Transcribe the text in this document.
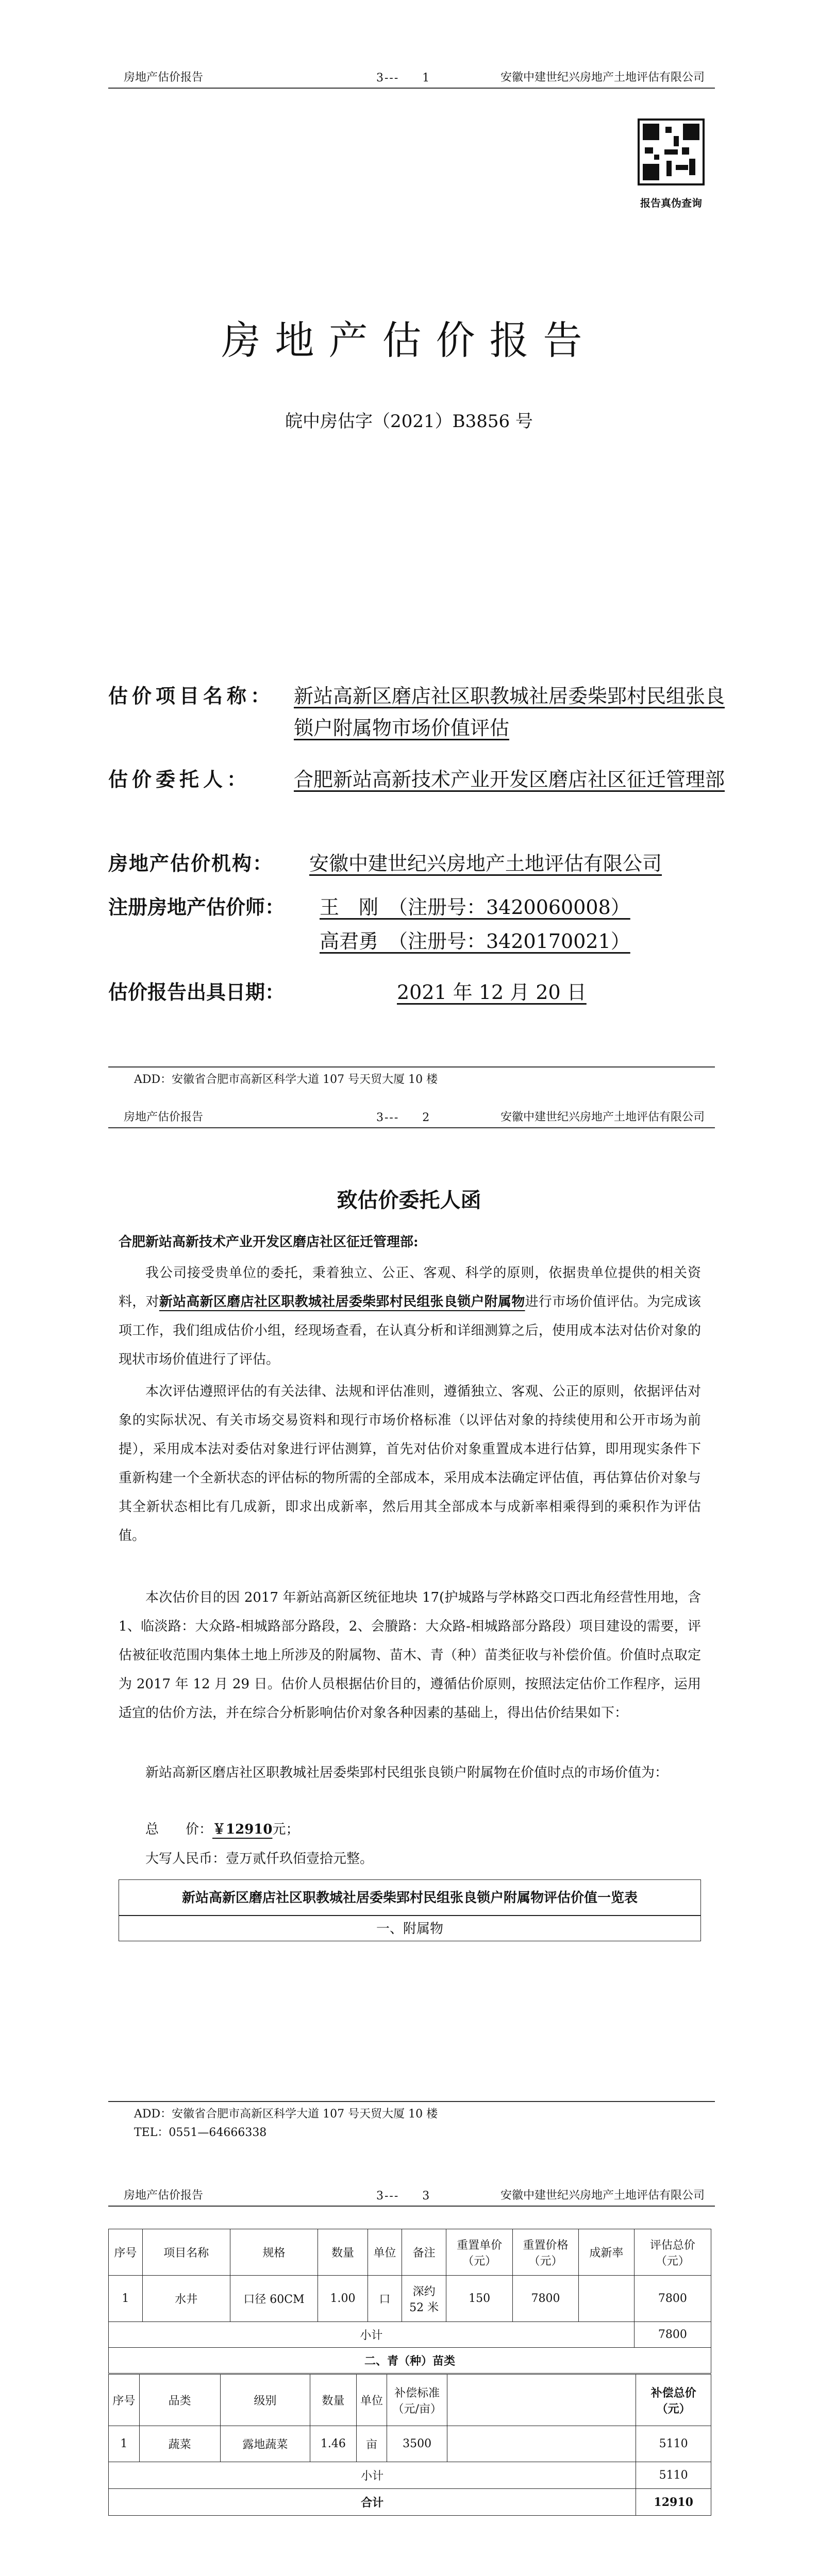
房地产估价报告	3--- 1	安徽中建世纪兴房地产土地评估有限公司
报告真伪查询
房地产估价报告
皖中房估字（2021）B3856 号
估价项目名称： 新站高新区磨店社区职教城社居委柴郢村民组张良锁户附属物市场价值评估
估价委托人： 合肥新站高新技术产业开发区磨店社区征迁管理部
房地产估价机构：	安徽中建世纪兴房地产土地评估有限公司
注册房地产估价师：	王　刚　（注册号：3420060008）
高君勇　（注册号：3420170021）
估价报告出具日期：	2021 年 12 月 20 日
ADD：安徽省合肥市高新区科学大道 107 号天贸大厦 10 楼
房地产估价报告	3--- 2	安徽中建世纪兴房地产土地评估有限公司
致估价委托人函
合肥新站高新技术产业开发区磨店社区征迁管理部:
我公司接受贵单位的委托，秉着独立、公正、客观、科学的原则，依据贵单位提供的相关资料，对新站高新区磨店社区职教城社居委柴郢村民组张良锁户附属物进行市场价值评估。为完成该项工作，我们组成估价小组，经现场查看，在认真分析和详细测算之后，使用成本法对估价对象的现状市场价值进行了评估。
本次评估遵照评估的有关法律、法规和评估准则，遵循独立、客观、公正的原则，依据评估对象的实际状况、有关市场交易资料和现行市场价格标准（以评估对象的持续使用和公开市场为前提），采用成本法对委估对象进行评估测算，首先对估价对象重置成本进行估算，即用现实条件下重新构建一个全新状态的评估标的物所需的全部成本，采用成本法确定评估值，再估算估价对象与其全新状态相比有几成新，即求出成新率，然后用其全部成本与成新率相乘得到的乘积作为评估值。
本次估价目的因 2017 年新站高新区统征地块 17(护城路与学林路交口西北角经营性用地，含 1、临淡路：大众路-相城路部分路段，2、会賸路：大众路-相城路部分路段）项目建设的需要，评估被征收范围内集体土地上所涉及的附属物、苗木、青（种）苗类征收与补偿价值。价值时点取定为 2017 年 12 月 29 日。估价人员根据估价目的，遵循估价原则，按照法定估价工作程序，运用适宜的估价方法，并在综合分析影响估价对象各种因素的基础上，得出估价结果如下：
新站高新区磨店社区职教城社居委柴郢村民组张良锁户附属物在价值时点的市场价值为：
总　　价：￥12910元；
大写人民币：壹万贰仟玖佰壹拾元整。
新站高新区磨店社区职教城社居委柴郢村民组张良锁户附属物评估价值一览表
一、附属物
ADD：安徽省合肥市高新区科学大道 107 号天贸大厦 10 楼
TEL：0551—64666338
房地产估价报告	3--- 3	安徽中建世纪兴房地产土地评估有限公司
序号	项目名称	规格	数量	单位	备注	重置单价（元）	重置价格（元）	成新率	评估总价（元）
1	水井	口径 60CM	1.00	口	深约 52 米	150	7800		7800
小计									7800
二、青（种）苗类									
序号	品类	级别	数量	单位	补偿标准（元/亩）		补偿总价（元）
1	蔬菜	露地蔬菜	1.46	亩	3500		5110
小计							5110
合计							12910
